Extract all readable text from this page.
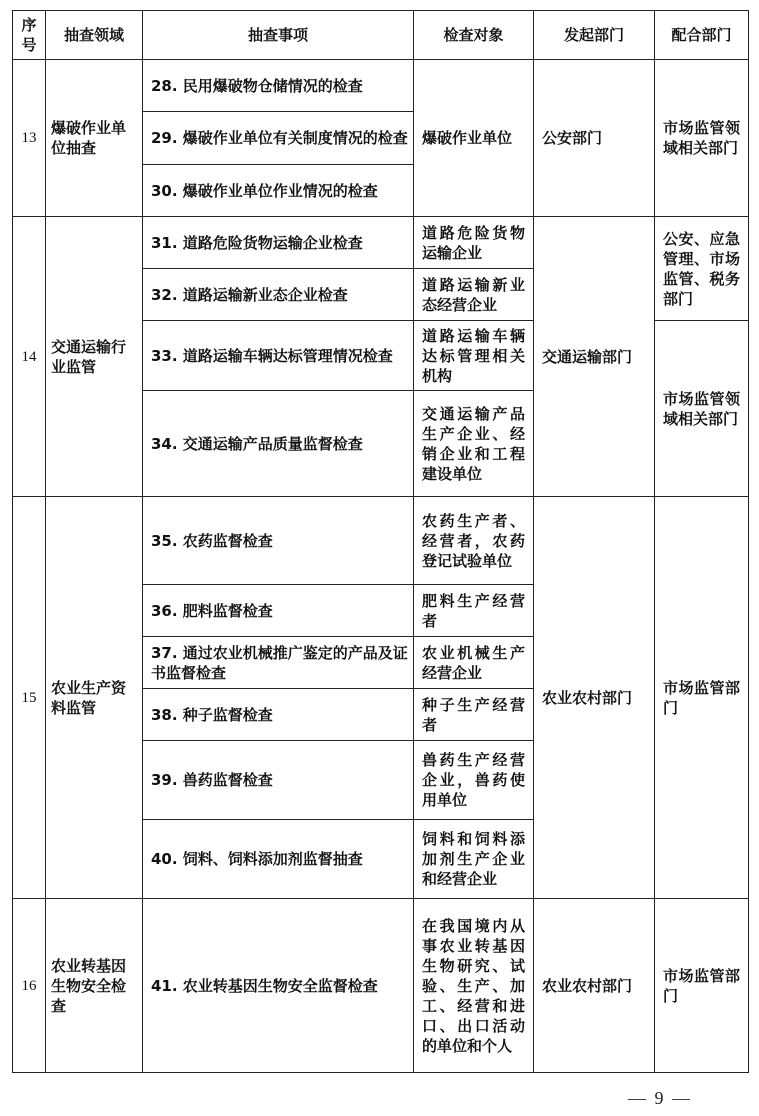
序号	抽查领域	抽查事项	检查对象	发起部门	配合部门
13	爆破作业单位抽查	28. 民用爆破物仓储情况的检查	爆破作业单位	公安部门	市场监管领域相关部门
		29. 爆破作业单位有关制度情况的检查			
		30. 爆破作业单位作业情况的检查			
14	交通运输行业监管	31. 道路危险货物运输企业检查	道路危险货物运输企业	交通运输部门	公安、应急管理、市场监管、税务部门
		32. 道路运输新业态企业检查	道路运输新业态经营企业		
		33. 道路运输车辆达标管理情况检查	道路运输车辆达标管理相关机构		市场监管领域相关部门
		34. 交通运输产品质量监督检查	交通运输产品生产企业、经销企业和工程建设单位		
15	农业生产资料监管	35. 农药监督检查	农药生产者、经营者，农药登记试验单位	农业农村部门	市场监管部门
		36. 肥料监督检查	肥料生产经营者		
		37. 通过农业机械推广鉴定的产品及证书监督检查	农业机械生产经营企业		
		38. 种子监督检查	种子生产经营者		
		39. 兽药监督检查	兽药生产经营企业，兽药使用单位		
		40. 饲料、饲料添加剂监督抽查	饲料和饲料添加剂生产企业和经营企业		
16	农业转基因生物安全检查	41. 农业转基因生物安全监督检查	在我国境内从事农业转基因生物研究、试验、生产、加工、经营和进口、出口活动的单位和个人	农业农村部门	市场监管部门
— 9 —
